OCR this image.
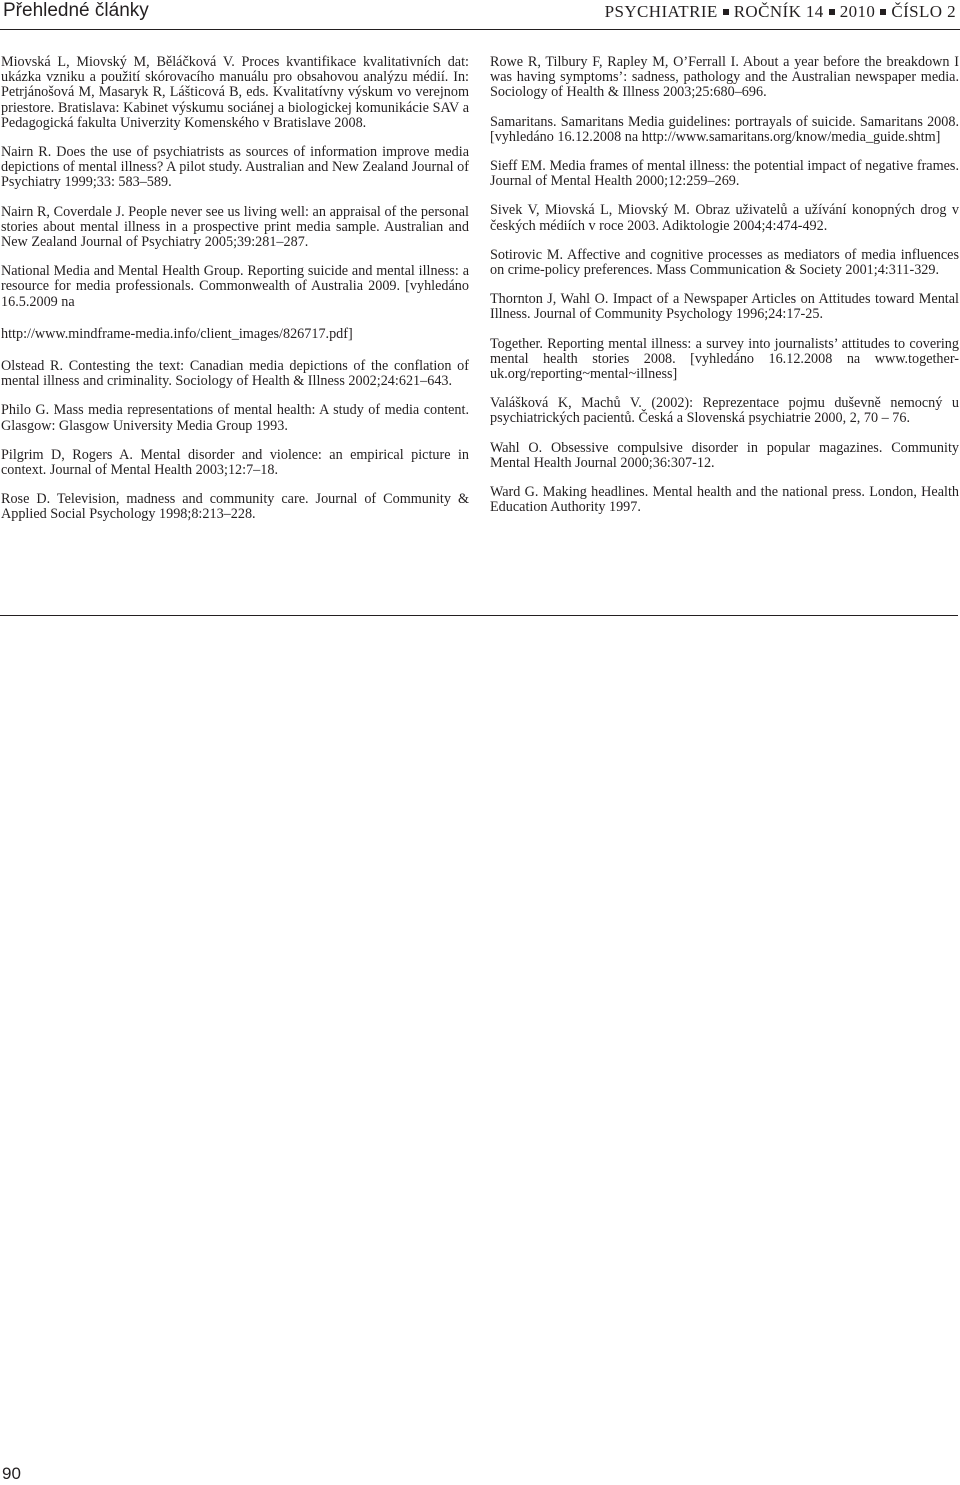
Přehledné články	PSYCHIATRIE ROČNÍK 14 2010 ČÍSLO 2

Miovská L, Miovský M, Běláčková V. Proces kvantifikace kvalitativních dat: ukázka vzniku a použití skórovacího manuálu pro obsahovou analýzu médií. In: Petrjánošová M, Masaryk R, Lášticová B, eds. Kvalitatívny výskum vo verejnom priestore. Bratislava: Kabinet výskumu sociánej a biologickej komunikácie SAV a Pedagogická fakulta Univerzity Komenského v Bratislave 2008.

Nairn R. Does the use of psychiatrists as sources of information improve media depictions of mental illness? A pilot study. Australian and New Zealand Journal of Psychiatry 1999;33: 583–589.

Nairn R, Coverdale J. People never see us living well: an appraisal of the personal stories about mental illness in a prospective print media sample. Australian and New Zealand Journal of Psychiatry 2005;39:281–287.

National Media and Mental Health Group. Reporting suicide and mental illness: a resource for media professionals. Commonwealth of Australia 2009. [vyhledáno 16.5.2009 na

http://www.mindframe-media.info/client_images/826717.pdf]

Olstead R. Contesting the text: Canadian media depictions of the conflation of mental illness and criminality. Sociology of Health & Illness 2002;24:621–643.

Philo G. Mass media representations of mental health: A study of media content. Glasgow: Glasgow University Media Group 1993.

Pilgrim D, Rogers A. Mental disorder and violence: an empirical picture in context. Journal of Mental Health 2003;12:7–18.

Rose D. Television, madness and community care. Journal of Community & Applied Social Psychology 1998;8:213–228.

Rowe R, Tilbury F, Rapley M, O’Ferrall I. About a year before the breakdown I was having symptoms’: sadness, pathology and the Australian newspaper media. Sociology of Health & Illness 2003;25:680–696.

Samaritans. Samaritans Media guidelines: portrayals of suicide. Samaritans 2008. [vyhledáno 16.12.2008 na http://www.samaritans.org/know/media_guide.shtm]

Sieff EM. Media frames of mental illness: the potential impact of negative frames. Journal of Mental Health 2000;12:259–269.

Sivek V, Miovská L, Miovský M. Obraz uživatelů a užívání konopných drog v českých médiích v roce 2003. Adiktologie 2004;4:474-492.

Sotirovic M. Affective and cognitive processes as mediators of media influences on crime-policy preferences. Mass Communication & Society 2001;4:311-329.

Thornton J, Wahl O. Impact of a Newspaper Articles on Attitudes toward Mental Illness. Journal of Community Psychology 1996;24:17-25.

Together. Reporting mental illness: a survey into journalists’ attitudes to covering mental health stories 2008. [vyhledáno 16.12.2008 na www.together-uk.org/reporting~mental~illness]

Valášková K, Machů V. (2002): Reprezentace pojmu duševně nemocný u psychiatrických pacientů. Česká a Slovenská psychiatrie 2000, 2, 70 – 76.

Wahl O. Obsessive compulsive disorder in popular magazines. Community Mental Health Journal 2000;36:307-12.

Ward G. Making headlines. Mental health and the national press. London, Health Education Authority 1997.

90
